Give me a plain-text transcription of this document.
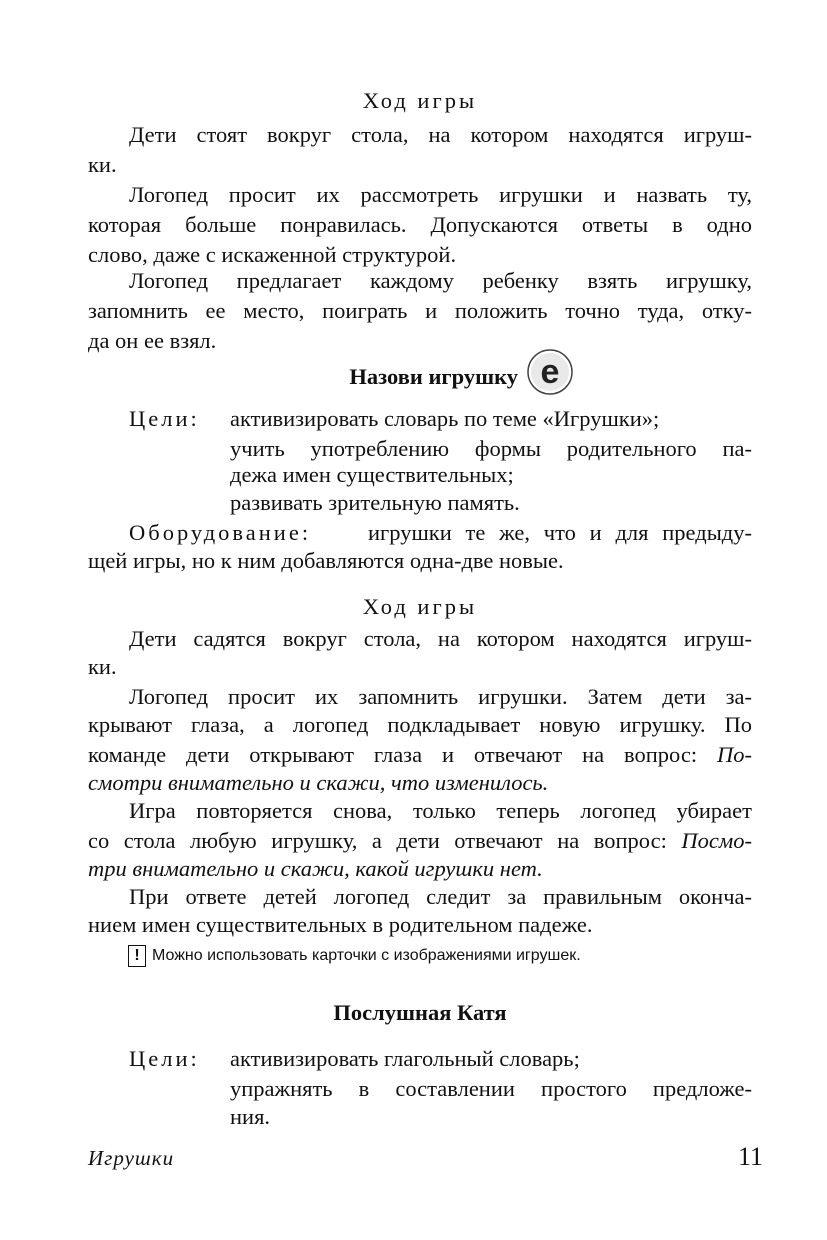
Ход игры
Дети стоят вокруг стола, на котором находятся игруш-
ки.
Логопед просит их рассмотреть игрушки и назвать ту,
которая больше понравилась. Допускаются ответы в одно
слово, даже с искаженной структурой.
Логопед предлагает каждому ребенку взять игрушку,
запомнить ее место, поиграть и положить точно туда, отку-
да он ее взял.
Назови игрушку e
Цели:	активизировать словарь по теме «Игрушки»;
учить употреблению формы родительного па-
дежа имен существительных;
развивать зрительную память.
Оборудование:	игрушки те же, что и для предыду-
щей игры, но к ним добавляются одна-две новые.
Ход игры
Дети садятся вокруг стола, на котором находятся игруш-
ки.
Логопед просит их запомнить игрушки. Затем дети за-
крывают глаза, а логопед подкладывает новую игрушку. По
команде дети открывают глаза и отвечают на вопрос: По-
смотри внимательно и скажи, что изменилось.
Игра повторяется снова, только теперь логопед убирает
со стола любую игрушку, а дети отвечают на вопрос: Посмо-
три внимательно и скажи, какой игрушки нет.
При ответе детей логопед следит за правильным оконча-
нием имен существительных в родительном падеже.
! Можно использовать карточки с изображениями игрушек.
Послушная Катя
Цели:	активизировать глагольный словарь;
упражнять в составлении простого предложе-
ния.
Игрушки	11
